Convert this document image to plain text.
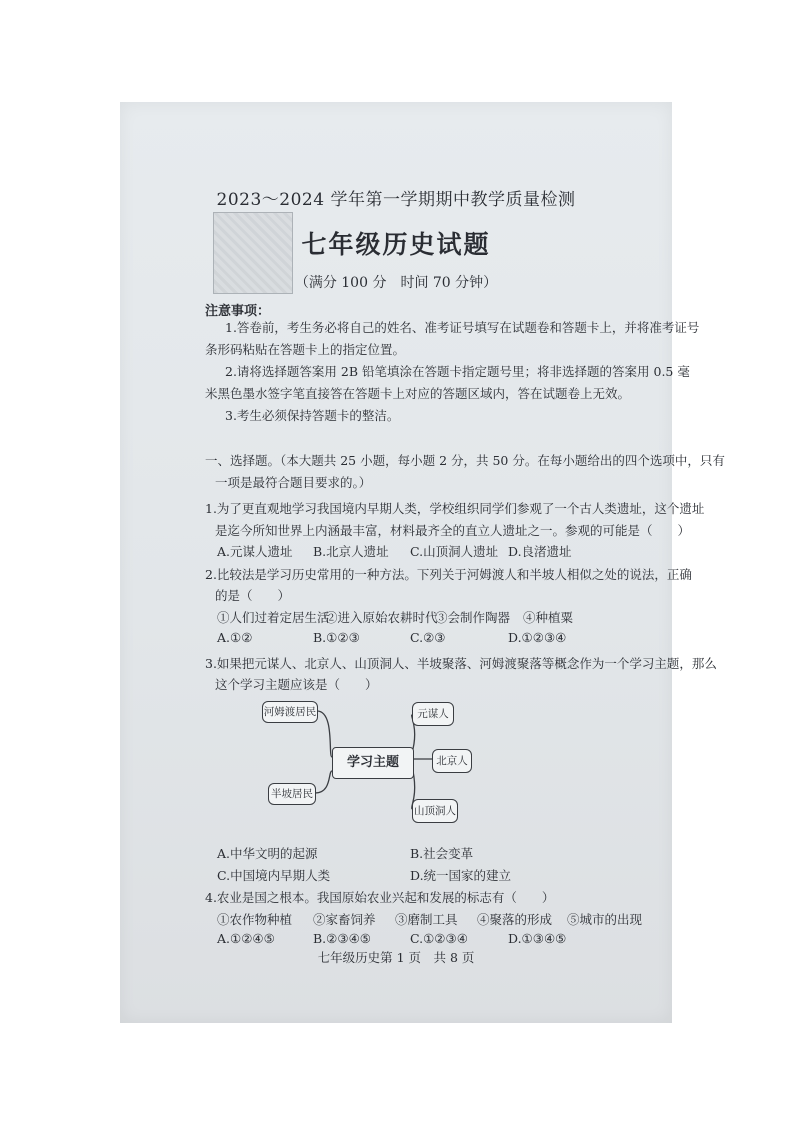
2023～2024 学年第一学期期中教学质量检测
七年级历史试题
（满分 100 分　时间 70 分钟）
注意事项：
1.答卷前，考生务必将自己的姓名、准考证号填写在试题卷和答题卡上，并将准考证号
条形码粘贴在答题卡上的指定位置。
2.请将选择题答案用 2B 铅笔填涂在答题卡指定题号里；将非选择题的答案用 0.5 毫
米黑色墨水签字笔直接答在答题卡上对应的答题区域内，答在试题卷上无效。
3.考生必须保持答题卡的整洁。
一、选择题。（本大题共 25 小题，每小题 2 分，共 50 分。在每小题给出的四个选项中，只有
一项是最符合题目要求的。）
1.为了更直观地学习我国境内早期人类，学校组织同学们参观了一个古人类遗址，这个遗址
是迄今所知世界上内涵最丰富，材料最齐全的直立人遗址之一。参观的可能是（　　）
A.元谋人遗址 B.北京人遗址 C.山顶洞人遗址 D.良渚遗址
2.比较法是学习历史常用的一种方法。下列关于河姆渡人和半坡人相似之处的说法，正确
的是（　　）
①人们过着定居生活
②进入原始农耕时代
③会制作陶器 ④种植粟
A.①②	B.①②③	C.②③	D.①②③④
3.如果把元谋人、北京人、山顶洞人、半坡聚落、河姆渡聚落等概念作为一个学习主题，那么
这个学习主题应该是（　　）
河姆渡居民
半坡居民
学习主题
元谋人
北京人
山顶洞人
A.中华文明的起源	B.社会变革
C.中国境内早期人类	D.统一国家的建立
4.农业是国之根本。我国原始农业兴起和发展的标志有（　　）
①农作物种植 ②家畜饲养 ③磨制工具 ④聚落的形成 ⑤城市的出现
A.①②④⑤	B.②③④⑤	C.①②③④	D.①③④⑤
七年级历史第 1 页　共 8 页
